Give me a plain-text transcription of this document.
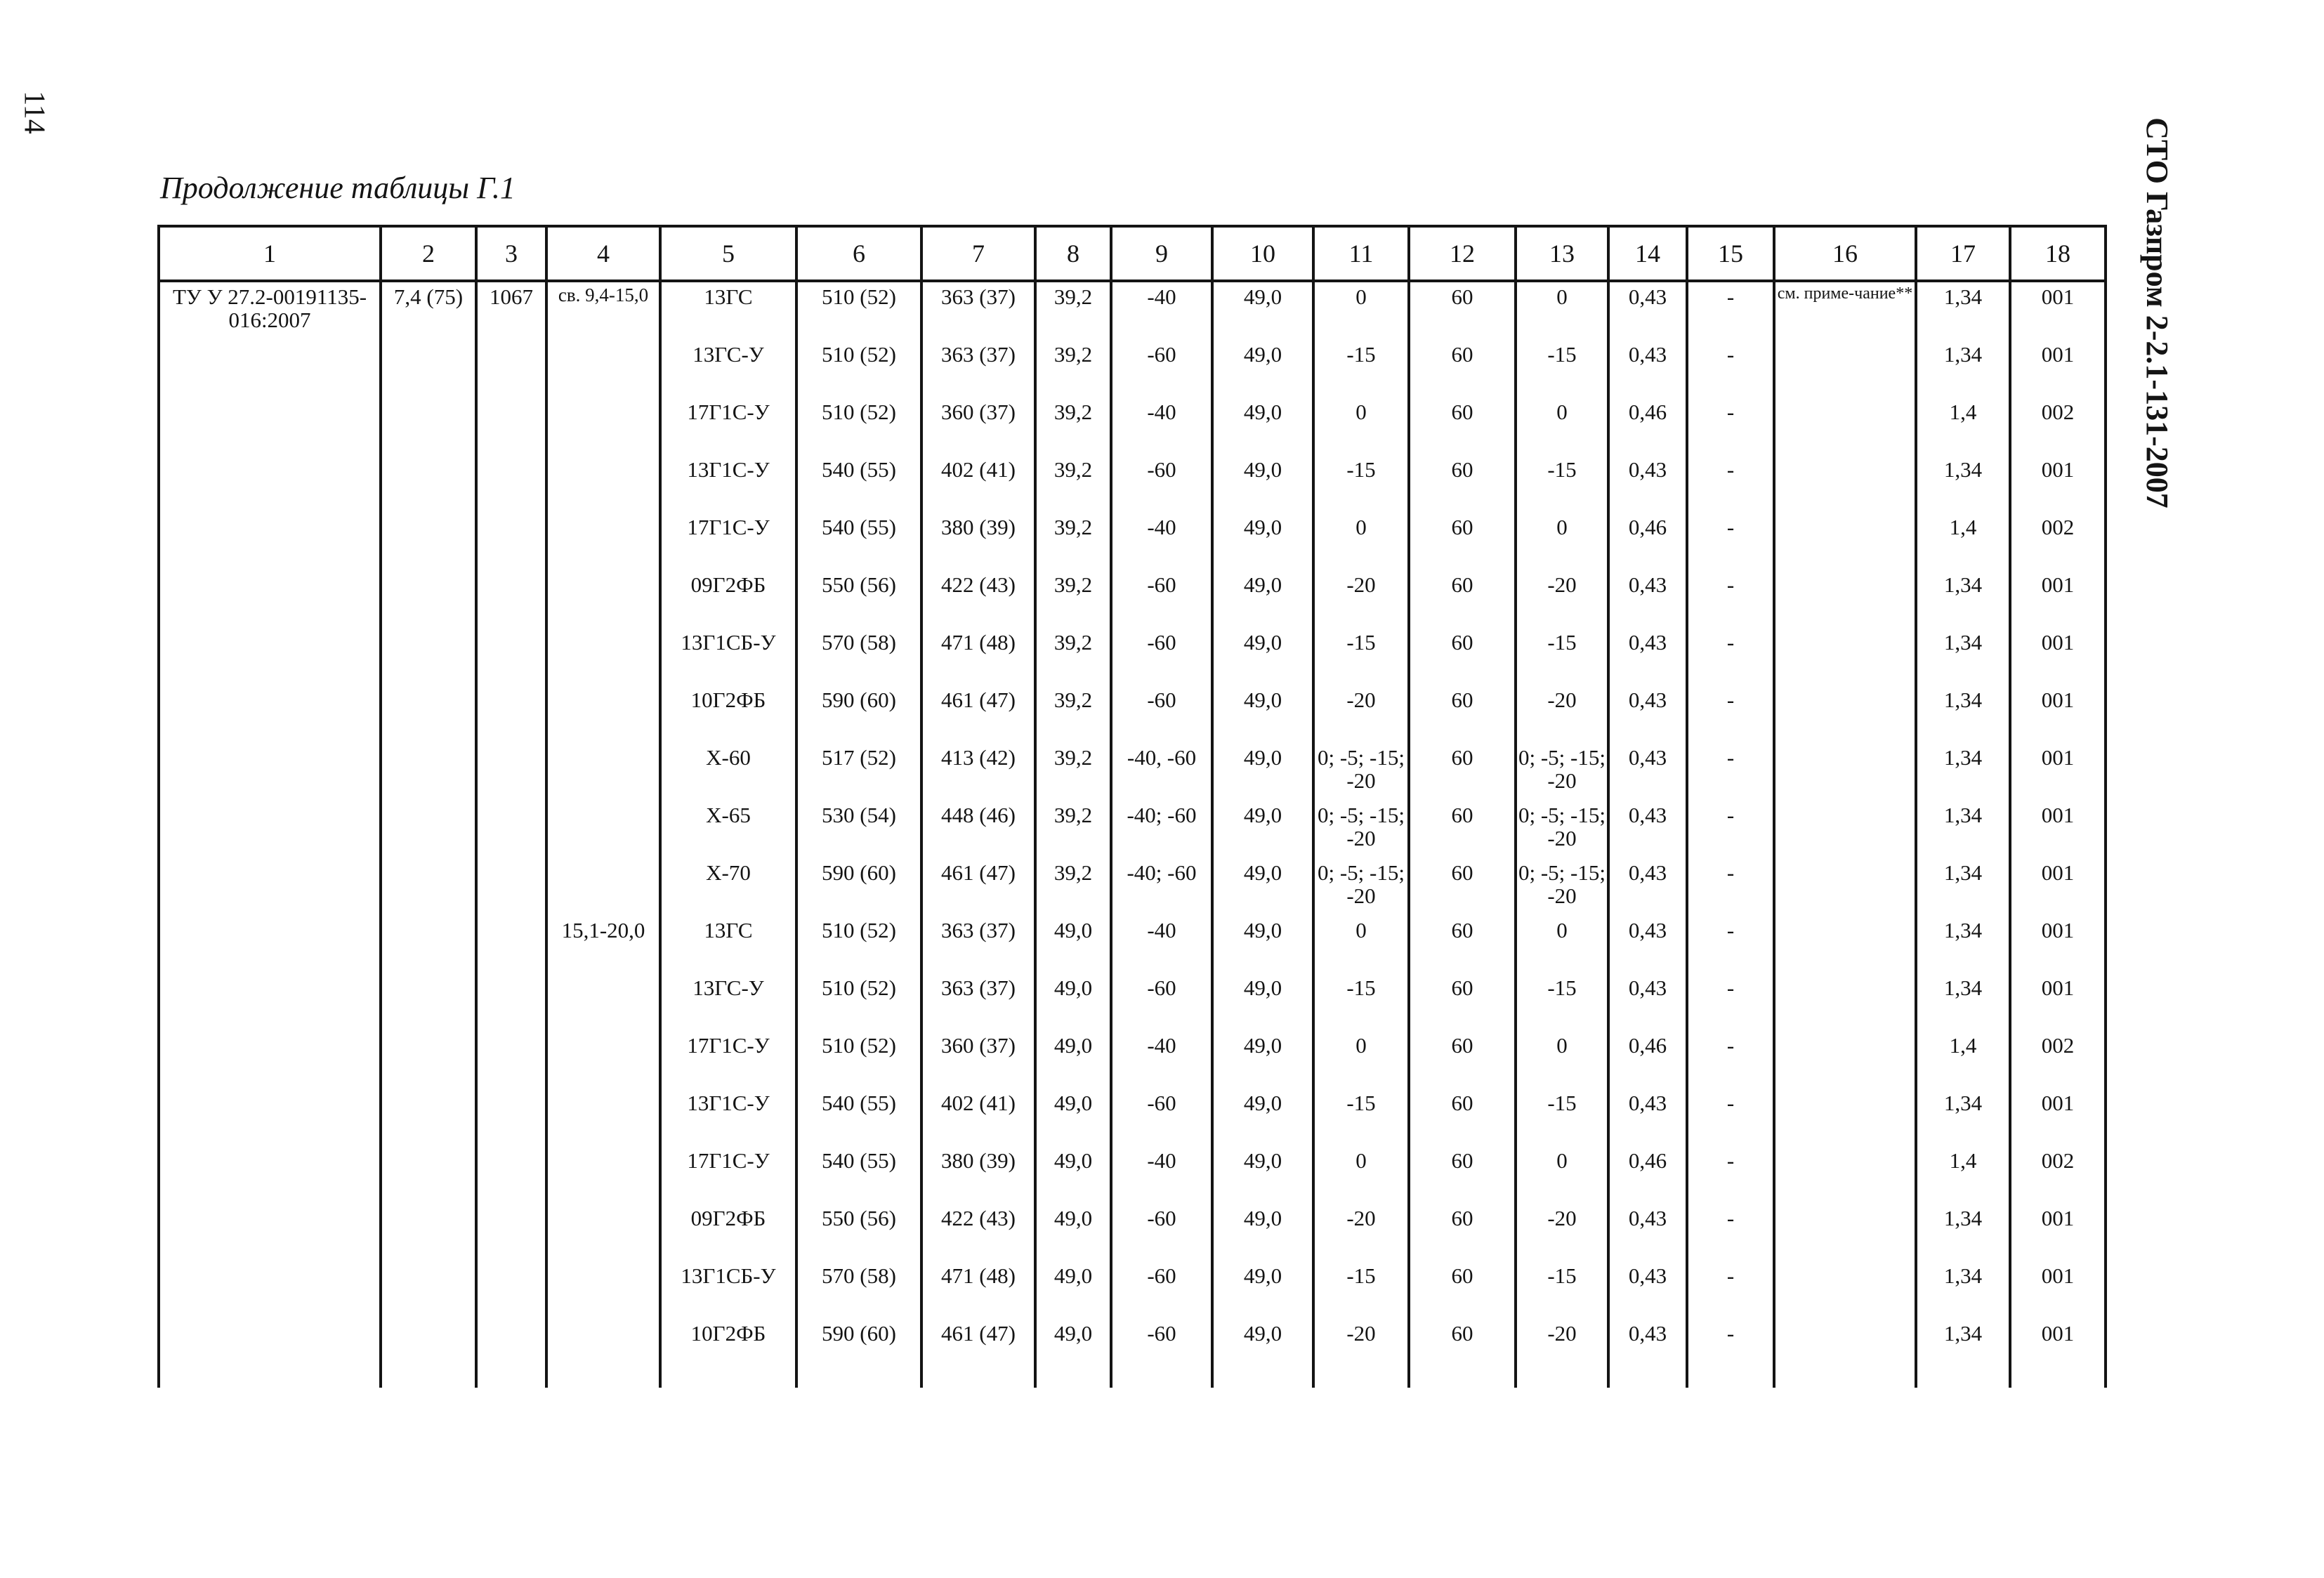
114
СТО Газпром 2-2.1-131-2007
Продолжение таблицы Г.1
1	2	3	4	5	6	7	8	9	10	11	12	13	14	15	16	17	18
ТУ У 27.2-00191135-016:2007	7,4 (75)	1067	св. 9,4-15,0	13ГС	510 (52)	363 (37)	39,2	-40	49,0	0	60	0	0,43	-	см. приме-чание**	1,34	001
				13ГС-У	510 (52)	363 (37)	39,2	-60	49,0	-15	60	-15	0,43	-		1,34	001
				17Г1С-У	510 (52)	360 (37)	39,2	-40	49,0	0	60	0	0,46	-		1,4	002
				13Г1С-У	540 (55)	402 (41)	39,2	-60	49,0	-15	60	-15	0,43	-		1,34	001
				17Г1С-У	540 (55)	380 (39)	39,2	-40	49,0	0	60	0	0,46	-		1,4	002
				09Г2ФБ	550 (56)	422 (43)	39,2	-60	49,0	-20	60	-20	0,43	-		1,34	001
				13Г1СБ-У	570 (58)	471 (48)	39,2	-60	49,0	-15	60	-15	0,43	-		1,34	001
				10Г2ФБ	590 (60)	461 (47)	39,2	-60	49,0	-20	60	-20	0,43	-		1,34	001
				Х-60	517 (52)	413 (42)	39,2	-40, -60	49,0	0; -5; -15; -20	60	0; -5; -15; -20	0,43	-		1,34	001
				Х-65	530 (54)	448 (46)	39,2	-40; -60	49,0	0; -5; -15; -20	60	0; -5; -15; -20	0,43	-		1,34	001
				Х-70	590 (60)	461 (47)	39,2	-40; -60	49,0	0; -5; -15; -20	60	0; -5; -15; -20	0,43	-		1,34	001
			15,1-20,0	13ГС	510 (52)	363 (37)	49,0	-40	49,0	0	60	0	0,43	-		1,34	001
				13ГС-У	510 (52)	363 (37)	49,0	-60	49,0	-15	60	-15	0,43	-		1,34	001
				17Г1С-У	510 (52)	360 (37)	49,0	-40	49,0	0	60	0	0,46	-		1,4	002
				13Г1С-У	540 (55)	402 (41)	49,0	-60	49,0	-15	60	-15	0,43	-		1,34	001
				17Г1С-У	540 (55)	380 (39)	49,0	-40	49,0	0	60	0	0,46	-		1,4	002
				09Г2ФБ	550 (56)	422 (43)	49,0	-60	49,0	-20	60	-20	0,43	-		1,34	001
				13Г1СБ-У	570 (58)	471 (48)	49,0	-60	49,0	-15	60	-15	0,43	-		1,34	001
				10Г2ФБ	590 (60)	461 (47)	49,0	-60	49,0	-20	60	-20	0,43	-		1,34	001
